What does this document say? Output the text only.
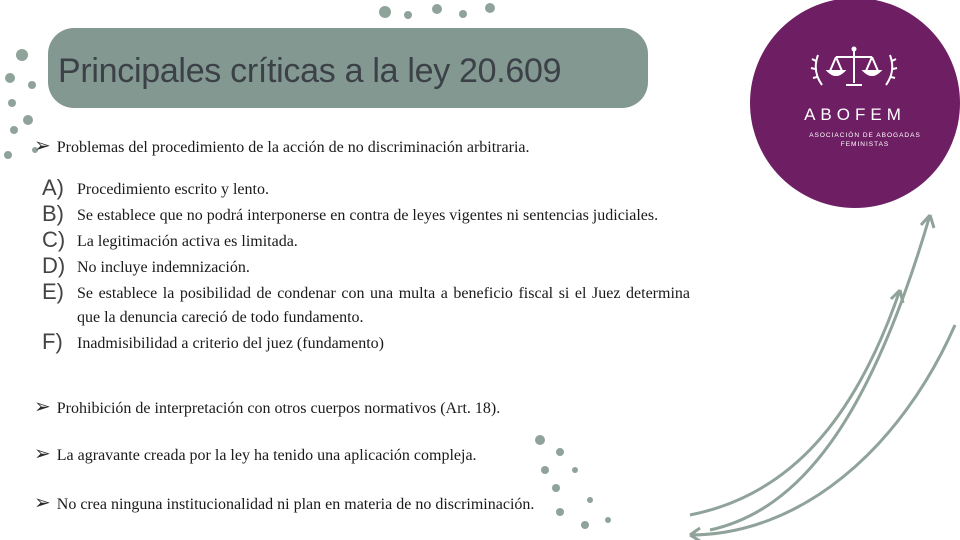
Principales críticas a la ley 20.609
ABOFEM
ASOCIACIÓN DE ABOGADAS FEMINISTAS
➢ Problemas del procedimiento de la acción de no discriminación arbitraria.
A) Procedimiento escrito y lento.
B) Se establece que no podrá interponerse en contra de leyes vigentes ni sentencias judiciales.
C) La legitimación activa es limitada.
D) No incluye indemnización.
E) Se establece la posibilidad de condenar con una multa a beneficio fiscal si el Juez determina que la denuncia careció de todo fundamento.
F) Inadmisibilidad a criterio del juez (fundamento)
➢ Prohibición de interpretación con otros cuerpos normativos (Art. 18).
➢ La agravante creada por la ley ha tenido una aplicación compleja.
➢ No crea ninguna institucionalidad ni plan en materia de no discriminación.
